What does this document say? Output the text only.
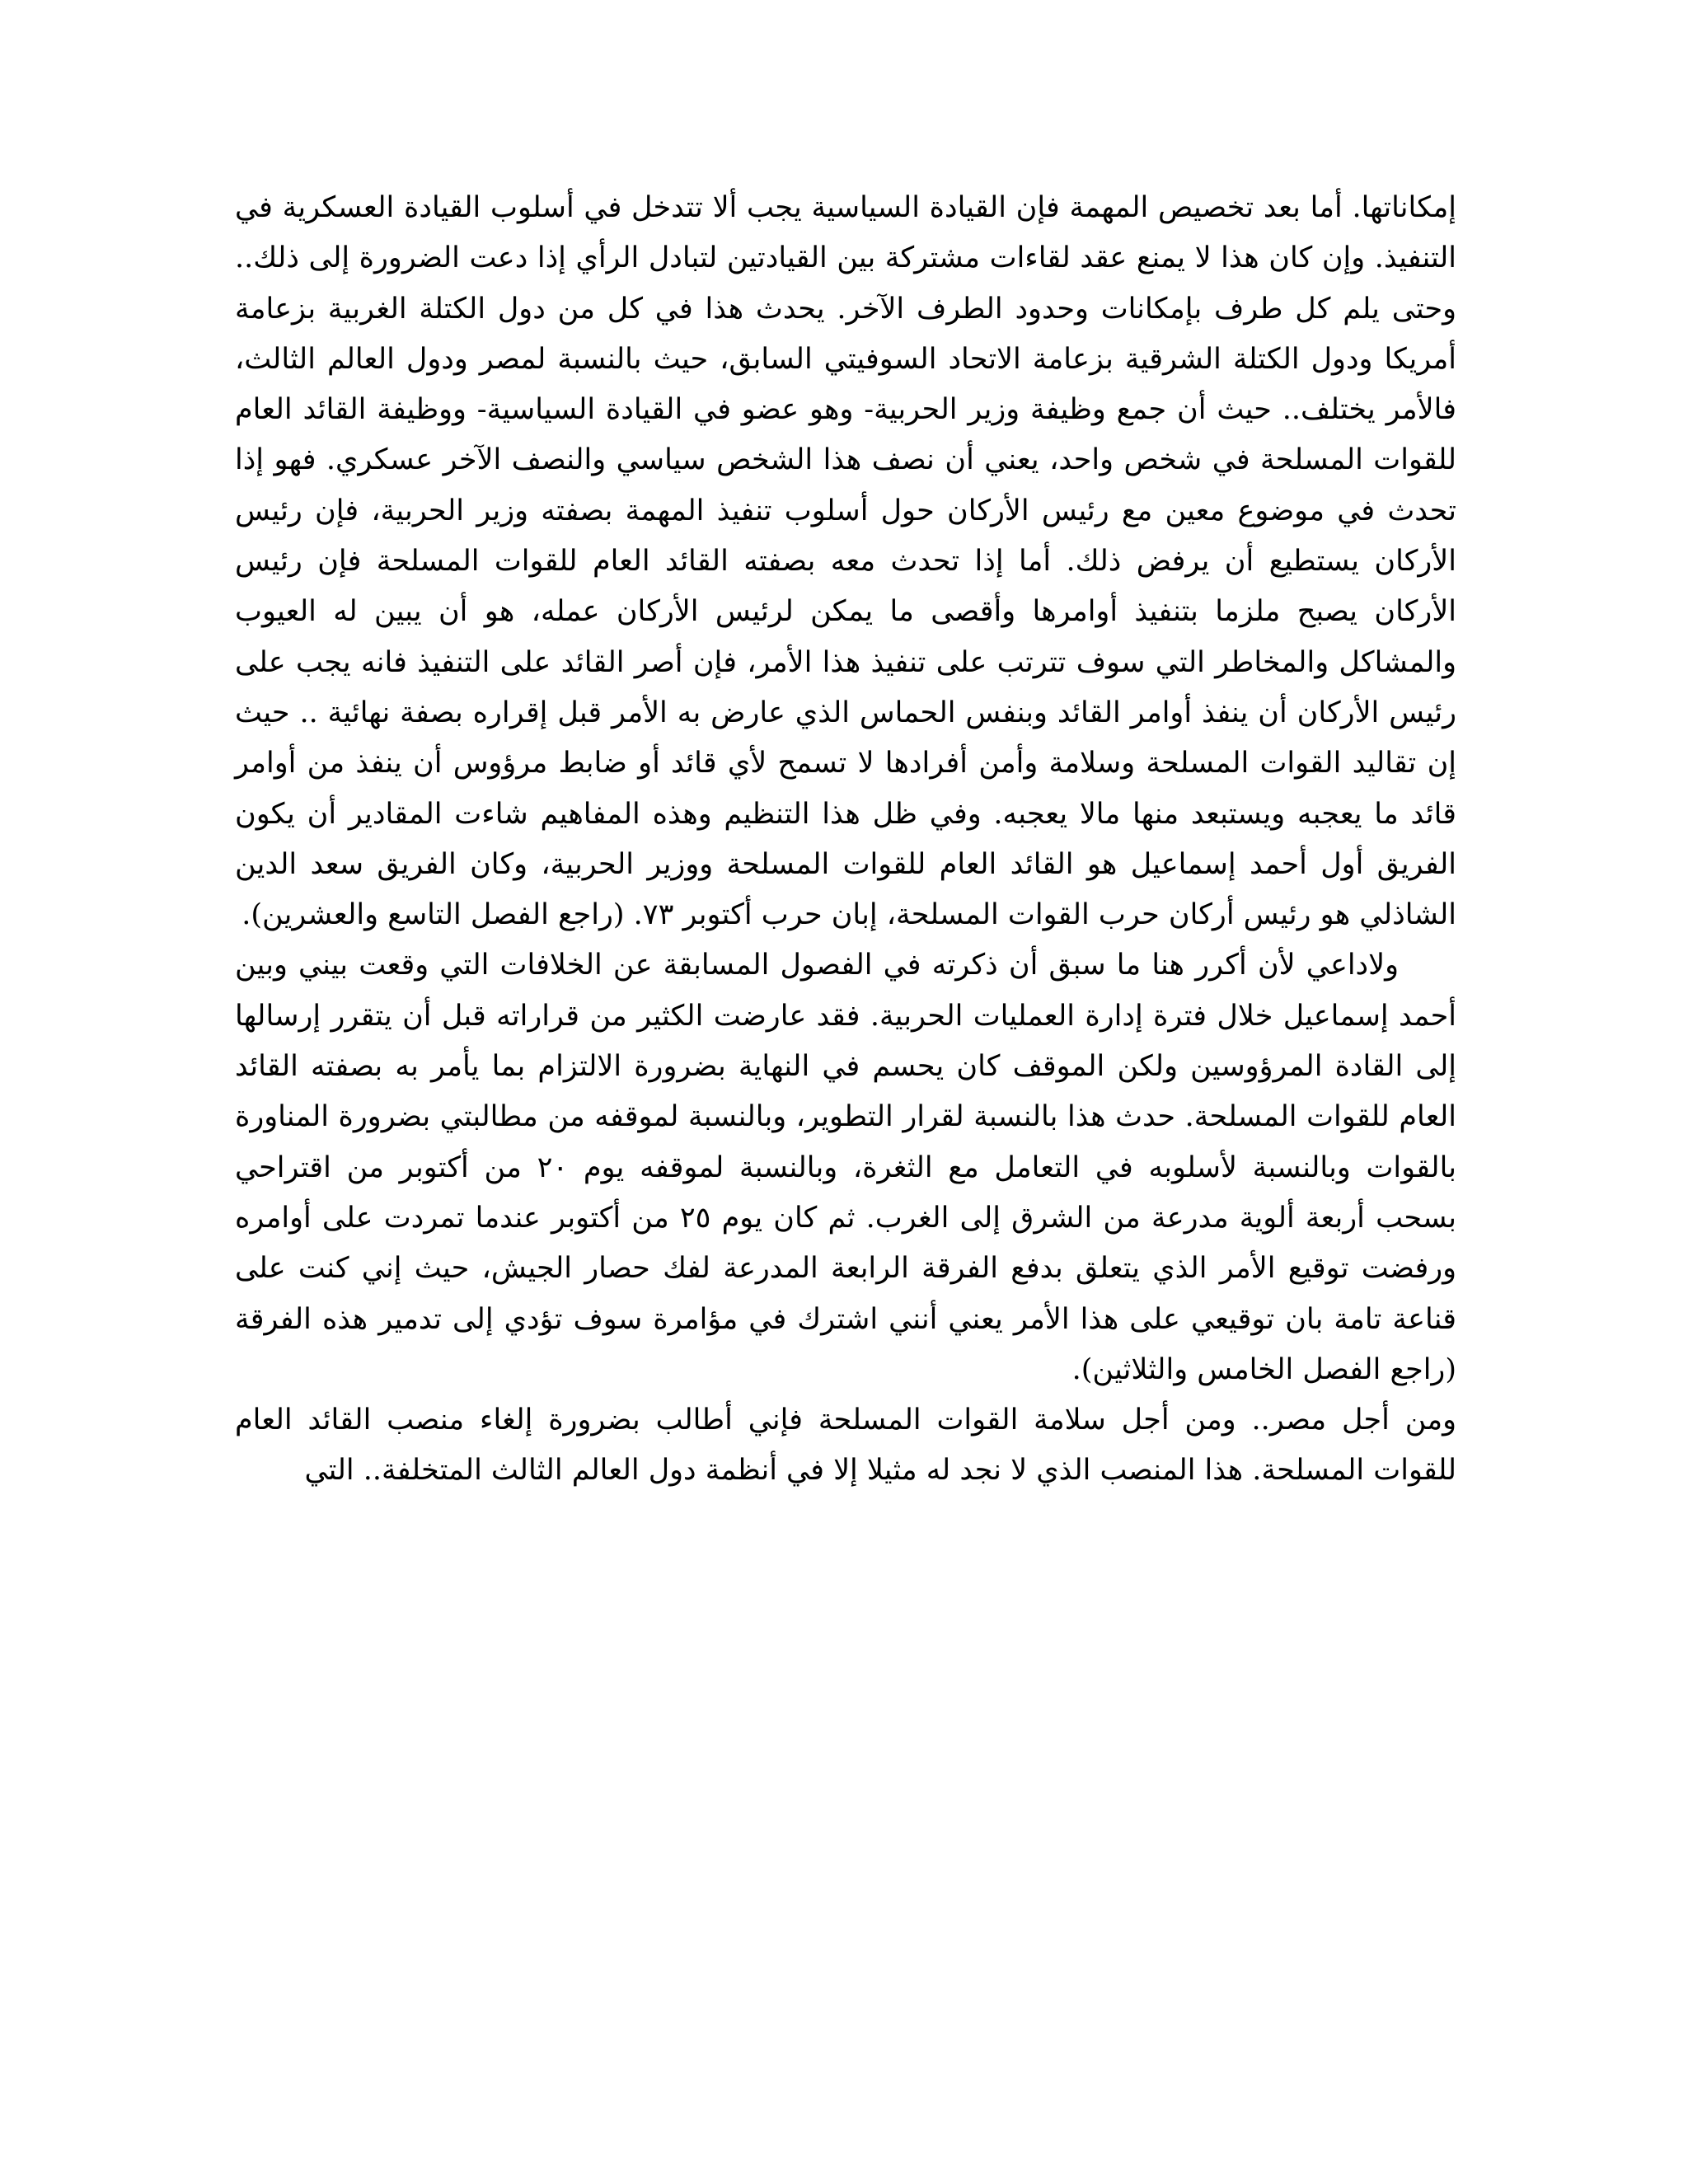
إمكاناتها. أما بعد تخصيص المهمة فإن القيادة السياسية يجب ألا تتدخل في أسلوب القيادة العسكرية في التنفيذ. وإن كان هذا لا يمنع عقد لقاءات مشتركة بين القيادتين لتبادل الرأي إذا دعت الضرورة إلى ذلك.. وحتى يلم كل طرف بإمكانات وحدود الطرف الآخر. يحدث هذا في كل من دول الكتلة الغربية بزعامة أمريكا ودول الكتلة الشرقية بزعامة الاتحاد السوفيتي السابق، حيث بالنسبة لمصر ودول العالم الثالث، فالأمر يختلف.. حيث أن جمع وظيفة وزير الحربية- وهو عضو في القيادة السياسية- ووظيفة القائد العام للقوات المسلحة في شخص واحد، يعني أن نصف هذا الشخص سياسي والنصف الآخر عسكري. فهو إذا تحدث في موضوع معين مع رئيس الأركان حول أسلوب تنفيذ المهمة بصفته وزير الحربية، فإن رئيس الأركان يستطيع أن يرفض ذلك. أما إذا تحدث معه بصفته القائد العام للقوات المسلحة فإن رئيس الأركان يصبح ملزما بتنفيذ أوامرها وأقصى ما يمكن لرئيس الأركان عمله، هو أن يبين له العيوب والمشاكل والمخاطر التي سوف تترتب على تنفيذ هذا الأمر، فإن أصر القائد على التنفيذ فانه يجب على رئيس الأركان أن ينفذ أوامر القائد وبنفس الحماس الذي عارض به الأمر قبل إقراره بصفة نهائية .. حيث إن تقاليد القوات المسلحة وسلامة وأمن أفرادها لا تسمح لأي قائد أو ضابط مرؤوس أن ينفذ من أوامر قائد ما يعجبه ويستبعد منها مالا يعجبه. وفي ظل هذا التنظيم وهذه المفاهيم شاءت المقادير أن يكون الفريق أول أحمد إسماعيل هو القائد العام للقوات المسلحة ووزير الحربية، وكان الفريق سعد الدين الشاذلي هو رئيس أركان حرب القوات المسلحة، إبان حرب أكتوبر ٧٣. (راجع الفصل التاسع والعشرين).

ولاداعي لأن أكرر هنا ما سبق أن ذكرته في الفصول المسابقة عن الخلافات التي وقعت بيني وبين أحمد إسماعيل خلال فترة إدارة العمليات الحربية. فقد عارضت الكثير من قراراته قبل أن يتقرر إرسالها إلى القادة المرؤوسين ولكن الموقف كان يحسم في النهاية بضرورة الالتزام بما يأمر به بصفته القائد العام للقوات المسلحة. حدث هذا بالنسبة لقرار التطوير، وبالنسبة لموقفه من مطالبتي بضرورة المناورة بالقوات وبالنسبة لأسلوبه في التعامل مع الثغرة، وبالنسبة لموقفه يوم ٢٠ من أكتوبر من اقتراحي بسحب أربعة ألوية مدرعة من الشرق إلى الغرب. ثم كان يوم ٢٥ من أكتوبر عندما تمردت على أوامره ورفضت توقيع الأمر الذي يتعلق بدفع الفرقة الرابعة المدرعة لفك حصار الجيش، حيث إني كنت على قناعة تامة بان توقيعي على هذا الأمر يعني أنني اشترك في مؤامرة سوف تؤدي إلى تدمير هذه الفرقة (راجع الفصل الخامس والثلاثين).

ومن أجل مصر.. ومن أجل سلامة القوات المسلحة فإني أطالب بضرورة إلغاء منصب القائد العام للقوات المسلحة. هذا المنصب الذي لا نجد له مثيلا إلا في أنظمة دول العالم الثالث المتخلفة.. التي
